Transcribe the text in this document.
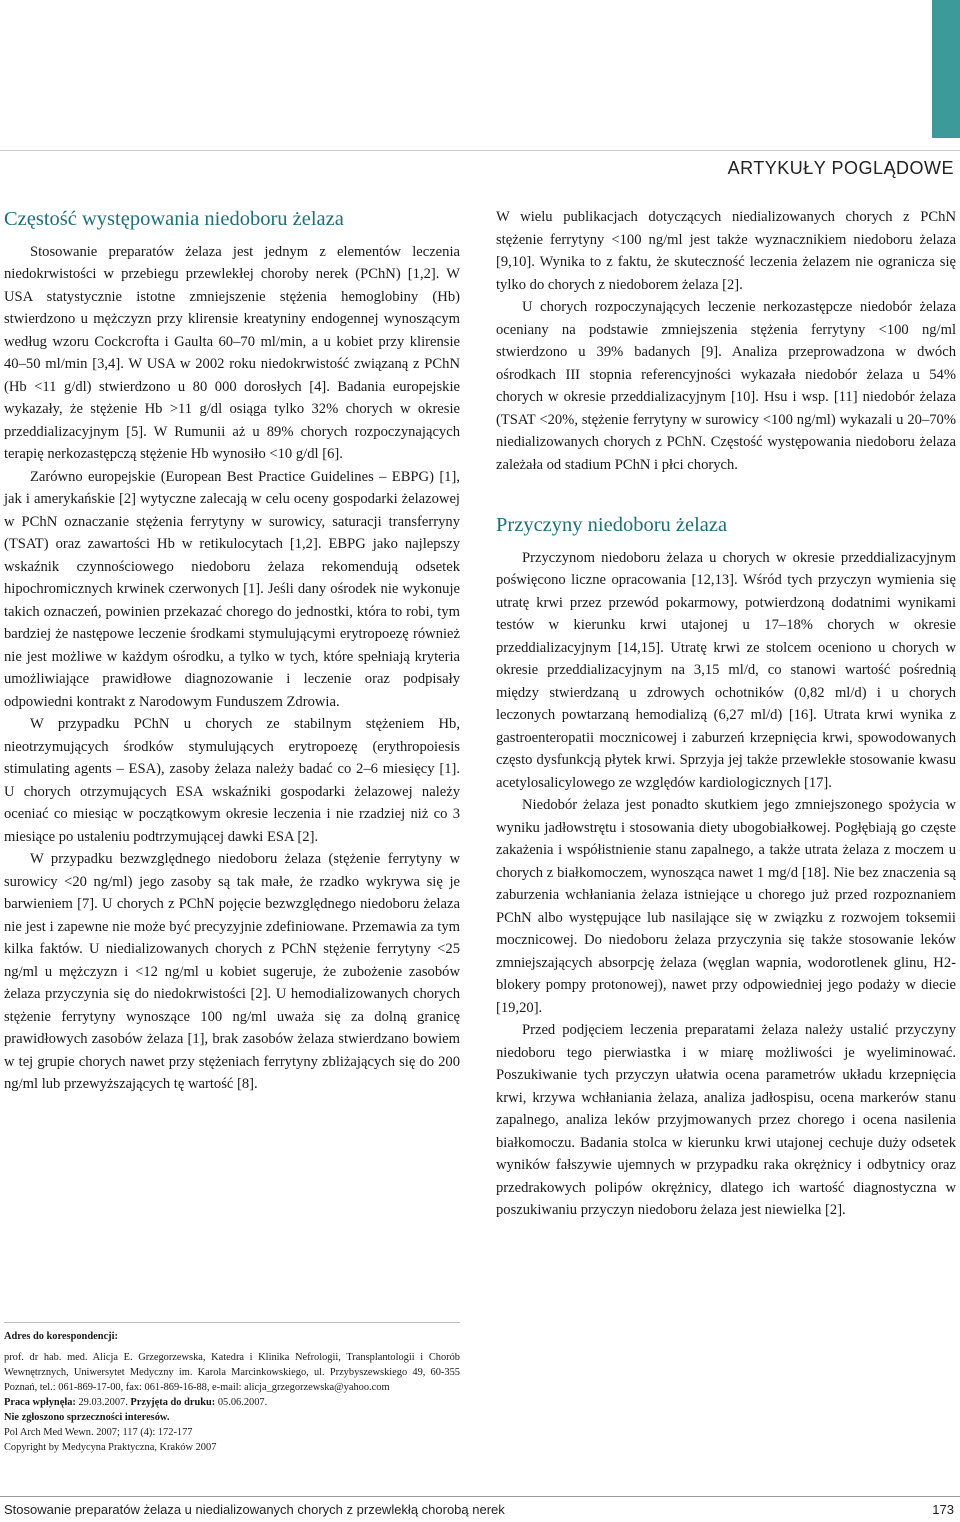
ARTYKUŁY POGLĄDOWE
Częstość występowania niedoboru żelaza

Stosowanie preparatów żelaza jest jednym z elementów leczenia niedokrwistości w przebiegu przewlekłej choroby nerek (PChN) [1,2]. W USA statystycznie istotne zmniejszenie stężenia hemoglobiny (Hb) stwierdzono u mężczyzn przy klirensie kreatyniny endogennej wynoszącym według wzoru Cockcrofta i Gaulta 60–70 ml/min, a u kobiet przy klirensie 40–50 ml/min [3,4]. W USA w 2002 roku niedokrwistość związaną z PChN (Hb <11 g/dl) stwierdzono u 80 000 dorosłych [4]. Badania europejskie wykazały, że stężenie Hb >11 g/dl osiąga tylko 32% chorych w okresie przeddializacyjnym [5]. W Rumunii aż u 89% chorych rozpoczynających terapię nerkozastępczą stężenie Hb wynosiło <10 g/dl [6].

Zarówno europejskie (European Best Practice Guidelines – EBPG) [1], jak i amerykańskie [2] wytyczne zalecają w celu oceny gospodarki żelazowej w PChN oznaczanie stężenia ferrytyny w surowicy, saturacji transferryny (TSAT) oraz zawartości Hb w retikulocytach [1,2]. EBPG jako najlepszy wskaźnik czynnościowego niedoboru żelaza rekomendują odsetek hipochromicznych krwinek czerwonych [1]. Jeśli dany ośrodek nie wykonuje takich oznaczeń, powinien przekazać chorego do jednostki, która to robi, tym bardziej że następowe leczenie środkami stymulującymi erytropoezę również nie jest możliwe w każdym ośrodku, a tylko w tych, które spełniają kryteria umożliwiające prawidłowe diagnozowanie i leczenie oraz podpisały odpowiedni kontrakt z Narodowym Funduszem Zdrowia.

W przypadku PChN u chorych ze stabilnym stężeniem Hb, nieotrzymujących środków stymulujących erytropoezę (erythropoiesis stimulating agents – ESA), zasoby żelaza należy badać co 2–6 miesięcy [1]. U chorych otrzymujących ESA wskaźniki gospodarki żelazowej należy oceniać co miesiąc w początkowym okresie leczenia i nie rzadziej niż co 3 miesiące po ustaleniu podtrzymującej dawki ESA [2].

W przypadku bezwzględnego niedoboru żelaza (stężenie ferrytyny w surowicy <20 ng/ml) jego zasoby są tak małe, że rzadko wykrywa się je barwieniem [7]. U chorych z PChN pojęcie bezwzględnego niedoboru żelaza nie jest i zapewne nie może być precyzyjnie zdefiniowane. Przemawia za tym kilka faktów. U niedializowanych chorych z PChN stężenie ferrytyny <25 ng/ml u mężczyzn i <12 ng/ml u kobiet sugeruje, że zubożenie zasobów żelaza przyczynia się do niedokrwistości [2]. U hemodializowanych chorych stężenie ferrytyny wynoszące 100 ng/ml uważa się za dolną granicę prawidłowych zasobów żelaza [1], brak zasobów żelaza stwierdzano bowiem w tej grupie chorych nawet przy stężeniach ferrytyny zbliżających się do 200 ng/ml lub przewyższających tę wartość [8].

W wielu publikacjach dotyczących niedializowanych chorych z PChN stężenie ferrytyny <100 ng/ml jest także wyznacznikiem niedoboru żelaza [9,10]. Wynika to z faktu, że skuteczność leczenia żelazem nie ogranicza się tylko do chorych z niedoborem żelaza [2].

U chorych rozpoczynających leczenie nerkozastępcze niedobór żelaza oceniany na podstawie zmniejszenia stężenia ferrytyny <100 ng/ml stwierdzono u 39% badanych [9]. Analiza przeprowadzona w dwóch ośrodkach III stopnia referencyjności wykazała niedobór żelaza u 54% chorych w okresie przeddializacyjnym [10]. Hsu i wsp. [11] niedobór żelaza (TSAT <20%, stężenie ferrytyny w surowicy <100 ng/ml) wykazali u 20–70% niedializowanych chorych z PChN. Częstość występowania niedoboru żelaza zależała od stadium PChN i płci chorych.

Przyczyny niedoboru żelaza

Przyczynom niedoboru żelaza u chorych w okresie przeddializacyjnym poświęcono liczne opracowania [12,13]. Wśród tych przyczyn wymienia się utratę krwi przez przewód pokarmowy, potwierdzoną dodatnimi wynikami testów w kierunku krwi utajonej u 17–18% chorych w okresie przeddializacyjnym [14,15]. Utratę krwi ze stolcem oceniono u chorych w okresie przeddializacyjnym na 3,15 ml/d, co stanowi wartość pośrednią między stwierdzaną u zdrowych ochotników (0,82 ml/d) i u chorych leczonych powtarzaną hemodializą (6,27 ml/d) [16]. Utrata krwi wynika z gastroenteropatii mocznicowej i zaburzeń krzepnięcia krwi, spowodowanych często dysfunkcją płytek krwi. Sprzyja jej także przewlekłe stosowanie kwasu acetylosalicylowego ze względów kardiologicznych [17].

Niedobór żelaza jest ponadto skutkiem jego zmniejszonego spożycia w wyniku jadłowstrętu i stosowania diety ubogobiałkowej. Pogłębiają go częste zakażenia i współistnienie stanu zapalnego, a także utrata żelaza z moczem u chorych z białkomoczem, wynosząca nawet 1 mg/d [18]. Nie bez znaczenia są zaburzenia wchłaniania żelaza istniejące u chorego już przed rozpoznaniem PChN albo występujące lub nasilające się w związku z rozwojem toksemii mocznicowej. Do niedoboru żelaza przyczynia się także stosowanie leków zmniejszających absorpcję żelaza (węglan wapnia, wodorotlenek glinu, H2-blokery pompy protonowej), nawet przy odpowiedniej jego podaży w diecie [19,20].

Przed podjęciem leczenia preparatami żelaza należy ustalić przyczyny niedoboru tego pierwiastka i w miarę możliwości je wyeliminować. Poszukiwanie tych przyczyn ułatwia ocena parametrów układu krzepnięcia krwi, krzywa wchłaniania żelaza, analiza jadłospisu, ocena markerów stanu zapalnego, analiza leków przyjmowanych przez chorego i ocena nasilenia białkomoczu. Badania stolca w kierunku krwi utajonej cechuje duży odsetek wyników fałszywie ujemnych w przypadku raka okrężnicy i odbytnicy oraz przedrakowych polipów okrężnicy, dlatego ich wartość diagnostyczna w poszukiwaniu przyczyn niedoboru żelaza jest niewielka [2].

Adres do korespondencji:
prof. dr hab. med. Alicja E. Grzegorzewska, Katedra i Klinika Nefrologii, Transplantologii i Chorób Wewnętrznych, Uniwersytet Medyczny im. Karola Marcinkowskiego, ul. Przybyszewskiego 49, 60-355 Poznań, tel.: 061-869-17-00, fax: 061-869-16-88, e-mail: alicja_grzegorzewska@yahoo.com
Praca wpłynęła: 29.03.2007. Przyjęta do druku: 05.06.2007.
Nie zgłoszono sprzeczności interesów.
Pol Arch Med Wewn. 2007; 117 (4): 172-177
Copyright by Medycyna Praktyczna, Kraków 2007
Stosowanie preparatów żelaza u niedializowanych chorych z przewlekłą chorobą nerek	173
